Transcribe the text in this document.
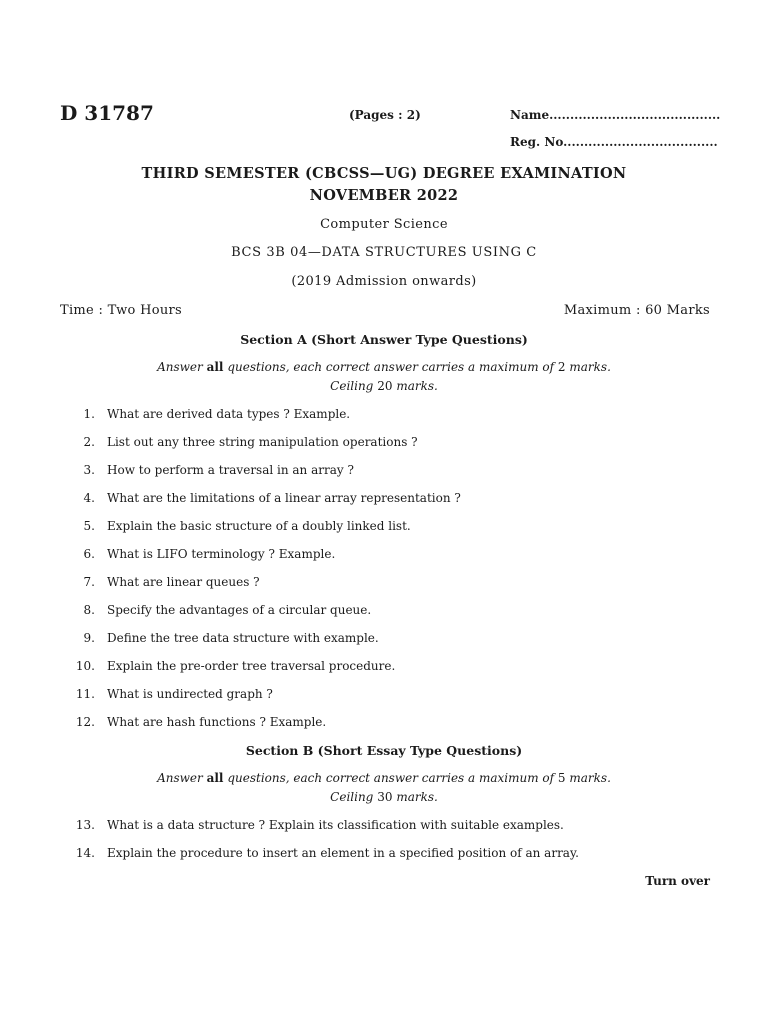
D 31787	(Pages : 2)	Name.........................................
Reg. No.....................................
THIRD SEMESTER (CBCSS—UG) DEGREE EXAMINATION
NOVEMBER 2022
Computer Science
BCS 3B 04—DATA STRUCTURES USING C
(2019 Admission onwards)
Time : Two Hours	Maximum : 60 Marks
Section A (Short Answer Type Questions)
Answer all questions, each correct answer carries a maximum of 2 marks.
Ceiling 20 marks.
1. What are derived data types ? Example.
2. List out any three string manipulation operations ?
3. How to perform a traversal in an array ?
4. What are the limitations of a linear array representation ?
5. Explain the basic structure of a doubly linked list.
6. What is LIFO terminology ? Example.
7. What are linear queues ?
8. Specify the advantages of a circular queue.
9. Define the tree data structure with example.
10. Explain the pre-order tree traversal procedure.
11. What is undirected graph ?
12. What are hash functions ? Example.
Section B (Short Essay Type Questions)
Answer all questions, each correct answer carries a maximum of 5 marks.
Ceiling 30 marks.
13. What is a data structure ? Explain its classification with suitable examples.
14. Explain the procedure to insert an element in a specified position of an array.
Turn over
